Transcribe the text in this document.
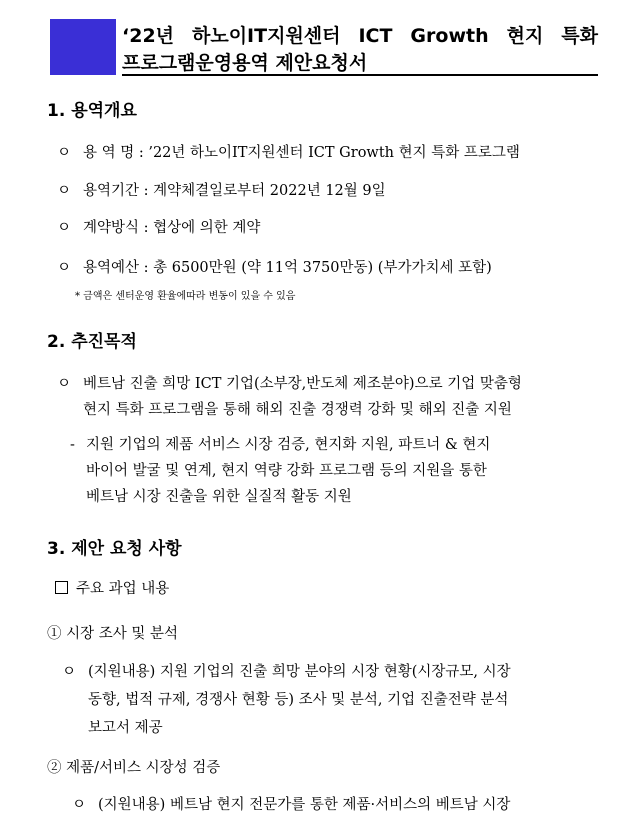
‘22년 하노이IT지원센터 ICT Growth 현지 특화
프로그램운영용역 제안요청서
1. 용역개요
ㅇ 용 역 명 : ’22년 하노이IT지원센터 ICT Growth 현지 특화 프로그램
ㅇ 용역기간 : 계약체결일로부터 2022년 12월 9일
ㅇ 계약방식 : 협상에 의한 계약
ㅇ 용역예산 : 총 6500만원 (약 11억 3750만동) (부가가치세 포함)
* 금액은 센터운영 환율에따라 변동이 있을 수 있음
2. 추진목적
ㅇ 베트남 진출 희망 ICT 기업(소부장,반도체 제조분야)으로 기업 맞춤형
현지 특화 프로그램을 통해 해외 진출 경쟁력 강화 및 해외 진출 지원
- 지원 기업의 제품 서비스 시장 검증, 현지화 지원, 파트너 & 현지
바이어 발굴 및 연계, 현지 역량 강화 프로그램 등의 지원을 통한
베트남 시장 진출을 위한 실질적 활동 지원
3. 제안 요청 사항
주요 과업 내용
① 시장 조사 및 분석
ㅇ (지원내용) 지원 기업의 진출 희망 분야의 시장 현황(시장규모, 시장
동향, 법적 규제, 경쟁사 현황 등) 조사 및 분석, 기업 진출전략 분석
보고서 제공
② 제품/서비스 시장성 검증
ㅇ (지원내용) 베트남 현지 전문가를 통한 제품·서비스의 베트남 시장
